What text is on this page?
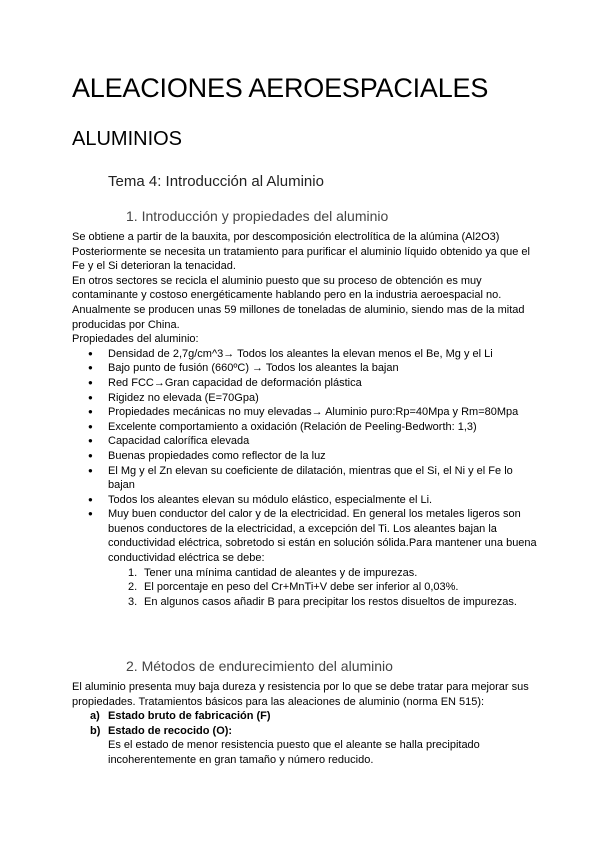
ALEACIONES AEROESPACIALES
ALUMINIOS
Tema 4: Introducción al Aluminio
1. Introducción y propiedades del aluminio

Se obtiene a partir de la bauxita, por descomposición electrolítica de la alúmina (Al2O3) Posteriormente se necesita un tratamiento para purificar el aluminio líquido obtenido ya que el Fe y el Si deterioran la tenacidad.

En otros sectores se recicla el aluminio puesto que su proceso de obtención es muy contaminante y costoso energéticamente hablando pero en la industria aeroespacial no. Anualmente se producen unas 59 millones de toneladas de aluminio, siendo mas de la mitad producidas por China.

Propiedades del aluminio:

● Densidad de 2,7g/cm^3→ Todos los aleantes la elevan menos el Be, Mg y el Li
● Bajo punto de fusión (660ºC) → Todos los aleantes la bajan
● Red FCC→Gran capacidad de deformación plástica
● Rigidez no elevada (E=70Gpa)
● Propiedades mecánicas no muy elevadas→ Aluminio puro:Rp=40Mpa y Rm=80Mpa
● Excelente comportamiento a oxidación (Relación de Peeling-Bedworth: 1,3)
● Capacidad calorífica elevada
● Buenas propiedades como reflector de la luz
● El Mg y el Zn elevan su coeficiente de dilatación, mientras que el Si, el Ni y el Fe lo bajan
● Todos los aleantes elevan su módulo elástico, especialmente el Li.
● Muy buen conductor del calor y de la electricidad. En general los metales ligeros son buenos conductores de la electricidad, a excepción del Ti. Los aleantes bajan la conductividad eléctrica, sobretodo si están en solución sólida.Para mantener una buena conductividad eléctrica se debe:
1. Tener una mínima cantidad de aleantes y de impurezas.
2. El porcentaje en peso del Cr+MnTi+V debe ser inferior al 0,03%.
3. En algunos casos añadir B para precipitar los restos disueltos de impurezas.
2. Métodos de endurecimiento del aluminio

El aluminio presenta muy baja dureza y resistencia por lo que se debe tratar para mejorar sus propiedades. Tratamientos básicos para las aleaciones de aluminio (norma EN 515):

a) Estado bruto de fabricación (F)
b) Estado de recocido (O):
Es el estado de menor resistencia puesto que el aleante se halla precipitado incoherentemente en gran tamaño y número reducido.
